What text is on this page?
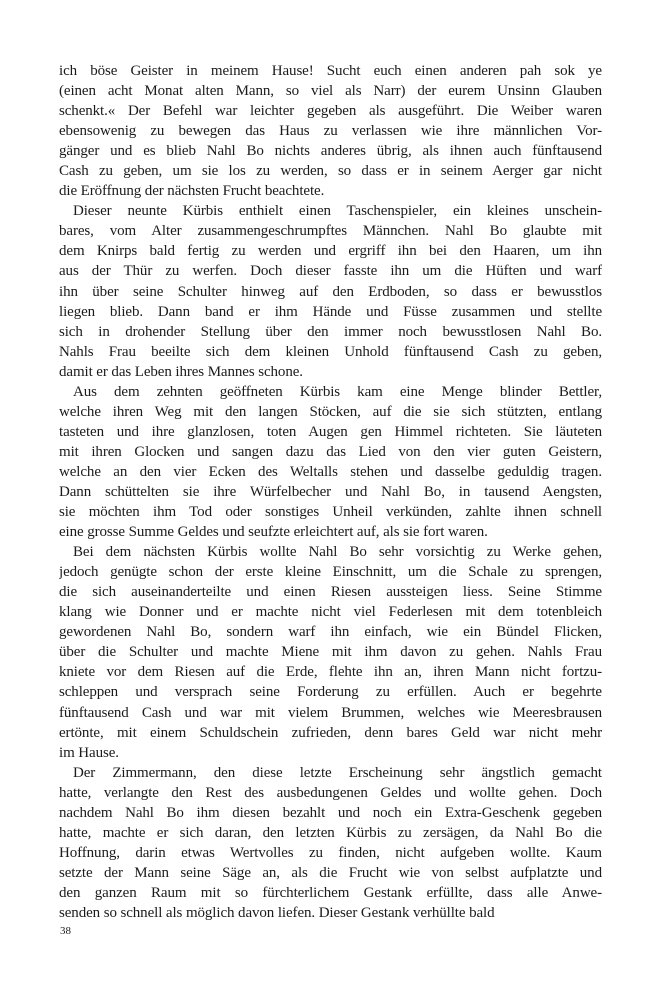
ich böse Geister in meinem Hause! Sucht euch einen anderen pah sok ye
(einen acht Monat alten Mann, so viel als Narr) der eurem Unsinn Glauben
schenkt.« Der Befehl war leichter gegeben als ausgeführt. Die Weiber waren
ebensowenig zu bewegen das Haus zu verlassen wie ihre männlichen Vor-
gänger und es blieb Nahl Bo nichts anderes übrig, als ihnen auch fünftausend
Cash zu geben, um sie los zu werden, so dass er in seinem Aerger gar nicht
die Eröffnung der nächsten Frucht beachtete.
Dieser neunte Kürbis enthielt einen Taschenspieler, ein kleines unschein-
bares, vom Alter zusammengeschrumpftes Männchen. Nahl Bo glaubte mit
dem Knirps bald fertig zu werden und ergriff ihn bei den Haaren, um ihn
aus der Thür zu werfen. Doch dieser fasste ihn um die Hüften und warf
ihn über seine Schulter hinweg auf den Erdboden, so dass er bewusstlos
liegen blieb. Dann band er ihm Hände und Füsse zusammen und stellte
sich in drohender Stellung über den immer noch bewusstlosen Nahl Bo.
Nahls Frau beeilte sich dem kleinen Unhold fünftausend Cash zu geben,
damit er das Leben ihres Mannes schone.
Aus dem zehnten geöffneten Kürbis kam eine Menge blinder Bettler,
welche ihren Weg mit den langen Stöcken, auf die sie sich stützten, entlang
tasteten und ihre glanzlosen, toten Augen gen Himmel richteten. Sie läuteten
mit ihren Glocken und sangen dazu das Lied von den vier guten Geistern,
welche an den vier Ecken des Weltalls stehen und dasselbe geduldig tragen.
Dann schüttelten sie ihre Würfelbecher und Nahl Bo, in tausend Aengsten,
sie möchten ihm Tod oder sonstiges Unheil verkünden, zahlte ihnen schnell
eine grosse Summe Geldes und seufzte erleichtert auf, als sie fort waren.
Bei dem nächsten Kürbis wollte Nahl Bo sehr vorsichtig zu Werke gehen,
jedoch genügte schon der erste kleine Einschnitt, um die Schale zu sprengen,
die sich auseinanderteilte und einen Riesen aussteigen liess. Seine Stimme
klang wie Donner und er machte nicht viel Federlesen mit dem totenbleich
gewordenen Nahl Bo, sondern warf ihn einfach, wie ein Bündel Flicken,
über die Schulter und machte Miene mit ihm davon zu gehen. Nahls Frau
kniete vor dem Riesen auf die Erde, flehte ihn an, ihren Mann nicht fortzu-
schleppen und versprach seine Forderung zu erfüllen. Auch er begehrte
fünftausend Cash und war mit vielem Brummen, welches wie Meeresbrausen
ertönte, mit einem Schuldschein zufrieden, denn bares Geld war nicht mehr
im Hause.
Der Zimmermann, den diese letzte Erscheinung sehr ängstlich gemacht
hatte, verlangte den Rest des ausbedungenen Geldes und wollte gehen. Doch
nachdem Nahl Bo ihm diesen bezahlt und noch ein Extra-Geschenk gegeben
hatte, machte er sich daran, den letzten Kürbis zu zersägen, da Nahl Bo die
Hoffnung, darin etwas Wertvolles zu finden, nicht aufgeben wollte. Kaum
setzte der Mann seine Säge an, als die Frucht wie von selbst aufplatzte und
den ganzen Raum mit so fürchterlichem Gestank erfüllte, dass alle Anwe-
senden so schnell als möglich davon liefen. Dieser Gestank verhüllte bald
38
